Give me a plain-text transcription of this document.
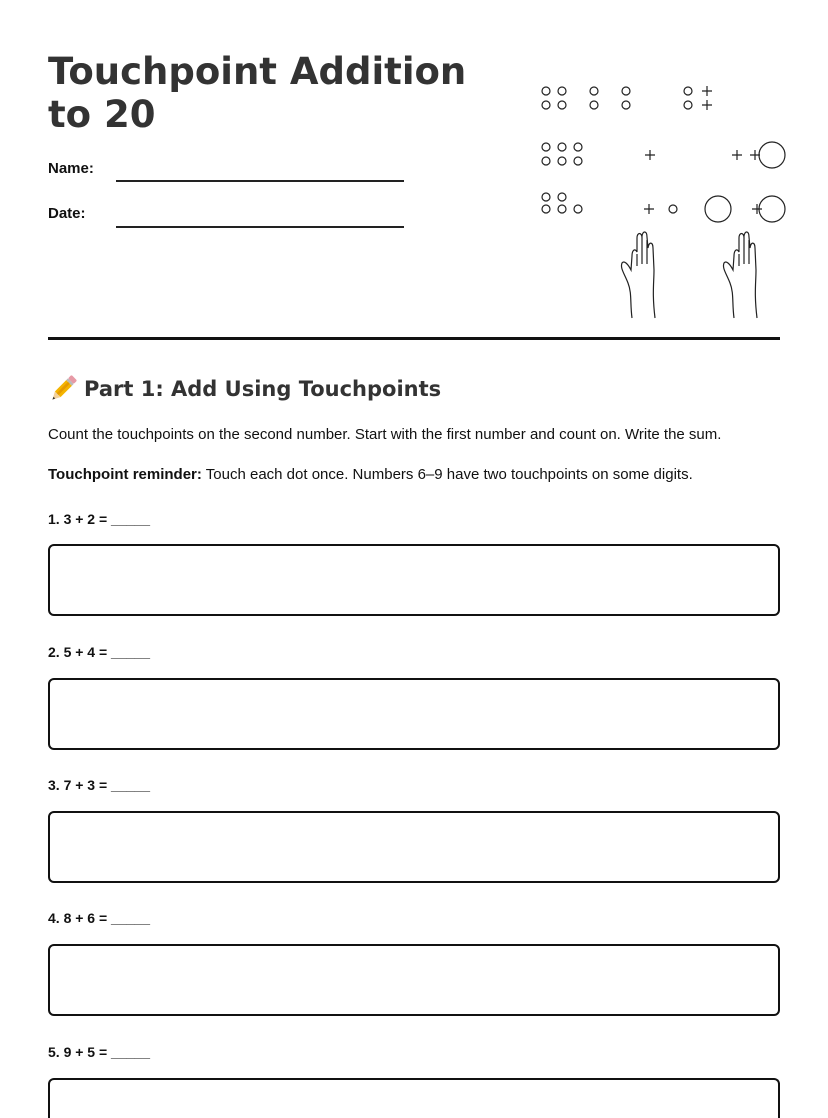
Touchpoint Addition to 20
Name:
Date:
Part 1: Add Using Touchpoints

Count the touchpoints on the second number. Start with the first number and count on. Write the sum.

Touchpoint reminder: Touch each dot once. Numbers 6–9 have two touchpoints on some digits.

1. 3 + 2 = _____
2. 5 + 4 = _____
3. 7 + 3 = _____
4. 8 + 6 = _____
5. 9 + 5 = _____
